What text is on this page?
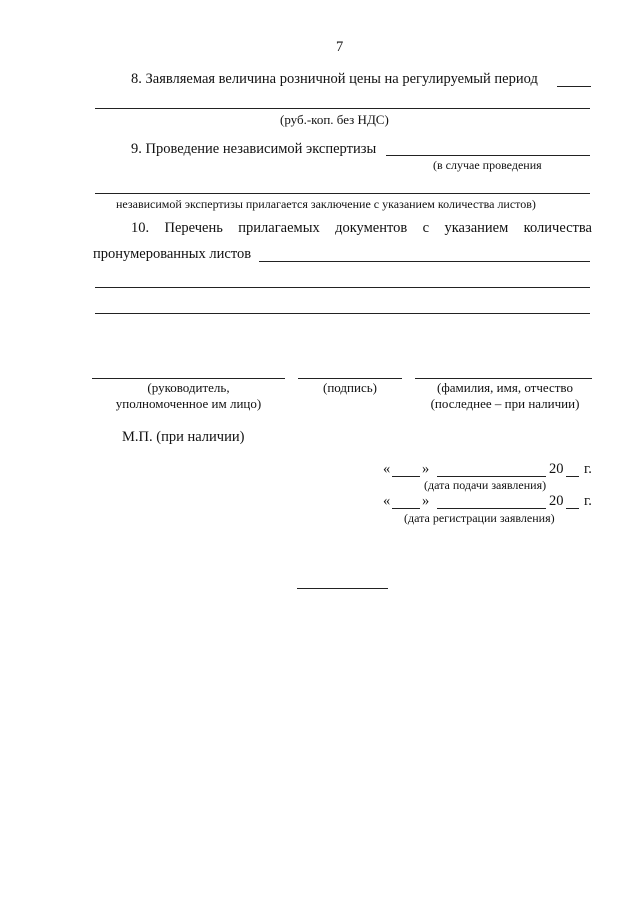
7
8. Заявляемая величина розничной цены на регулируемый период
(руб.-коп. без НДС)
9. Проведение независимой экспертизы
(в случае проведения
независимой экспертизы прилагается заключение с указанием количества листов)
10. Перечень прилагаемых документов с указанием количества
пронумерованных листов
(руководитель,
уполномоченное им лицо)
(подпись)	(фамилия, имя, отчество
(последнее – при наличии)
М.П. (при наличии)
« »	20 г.
(дата подачи заявления)
« »	20 г.
(дата регистрации заявления)
